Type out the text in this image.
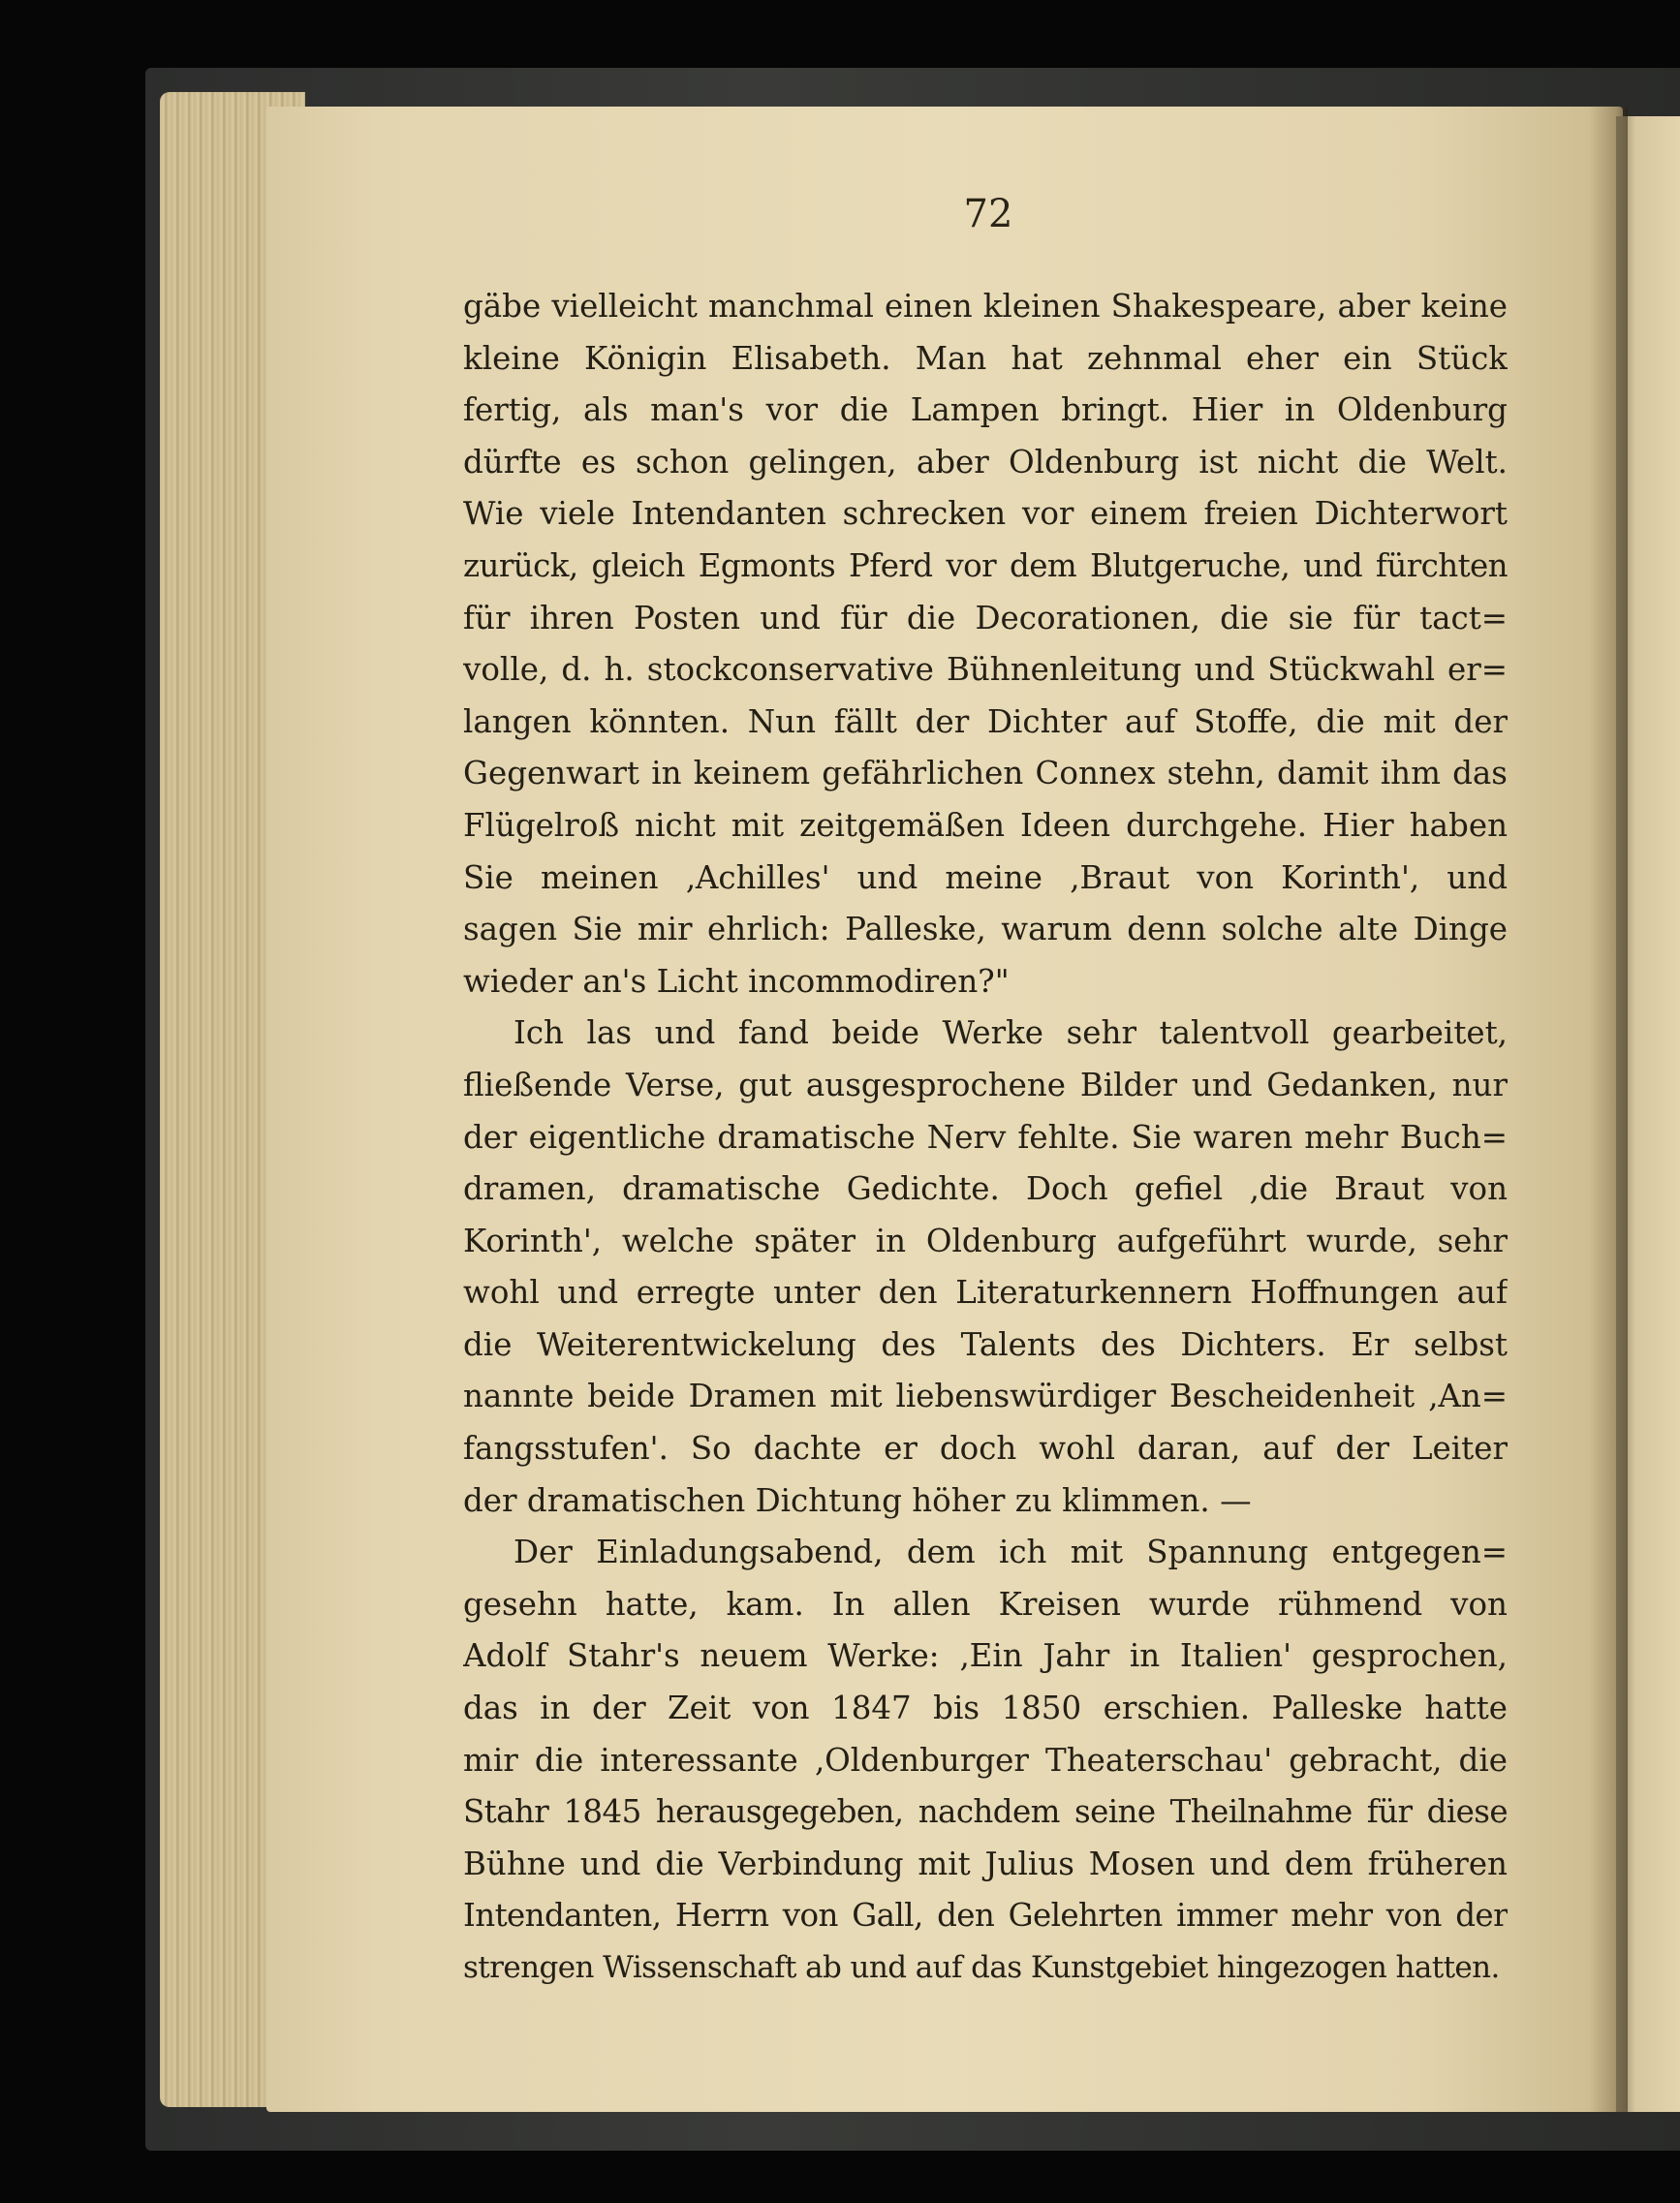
72
gäbe vielleicht manchmal einen kleinen Shakespeare, aber keine
kleine Königin Elisabeth. Man hat zehnmal eher ein Stück
fertig, als man's vor die Lampen bringt. Hier in Oldenburg
dürfte es schon gelingen, aber Oldenburg ist nicht die Welt.
Wie viele Intendanten schrecken vor einem freien Dichterwort
zurück, gleich Egmonts Pferd vor dem Blutgeruche, und fürchten
für ihren Posten und für die Decorationen, die sie für tact=
volle, d. h. stockconservative Bühnenleitung und Stückwahl er=
langen könnten. Nun fällt der Dichter auf Stoffe, die mit der
Gegenwart in keinem gefährlichen Connex stehn, damit ihm das
Flügelroß nicht mit zeitgemäßen Ideen durchgehe. Hier haben
Sie meinen ‚Achilles' und meine ‚Braut von Korinth', und
sagen Sie mir ehrlich: Palleske, warum denn solche alte Dinge
wieder an's Licht incommodiren?"
Ich las und fand beide Werke sehr talentvoll gearbeitet,
fließende Verse, gut ausgesprochene Bilder und Gedanken, nur
der eigentliche dramatische Nerv fehlte. Sie waren mehr Buch=
dramen, dramatische Gedichte. Doch gefiel ‚die Braut von
Korinth', welche später in Oldenburg aufgeführt wurde, sehr
wohl und erregte unter den Literaturkennern Hoffnungen auf
die Weiterentwickelung des Talents des Dichters. Er selbst
nannte beide Dramen mit liebenswürdiger Bescheidenheit ‚An=
fangsstufen'. So dachte er doch wohl daran, auf der Leiter
der dramatischen Dichtung höher zu klimmen. —
Der Einladungsabend, dem ich mit Spannung entgegen=
gesehn hatte, kam. In allen Kreisen wurde rühmend von
Adolf Stahr's neuem Werke: ‚Ein Jahr in Italien' gesprochen,
das in der Zeit von 1847 bis 1850 erschien. Palleske hatte
mir die interessante ‚Oldenburger Theaterschau' gebracht, die
Stahr 1845 herausgegeben, nachdem seine Theilnahme für diese
Bühne und die Verbindung mit Julius Mosen und dem früheren
Intendanten, Herrn von Gall, den Gelehrten immer mehr von der
strengen Wissenschaft ab und auf das Kunstgebiet hingezogen hatten.
